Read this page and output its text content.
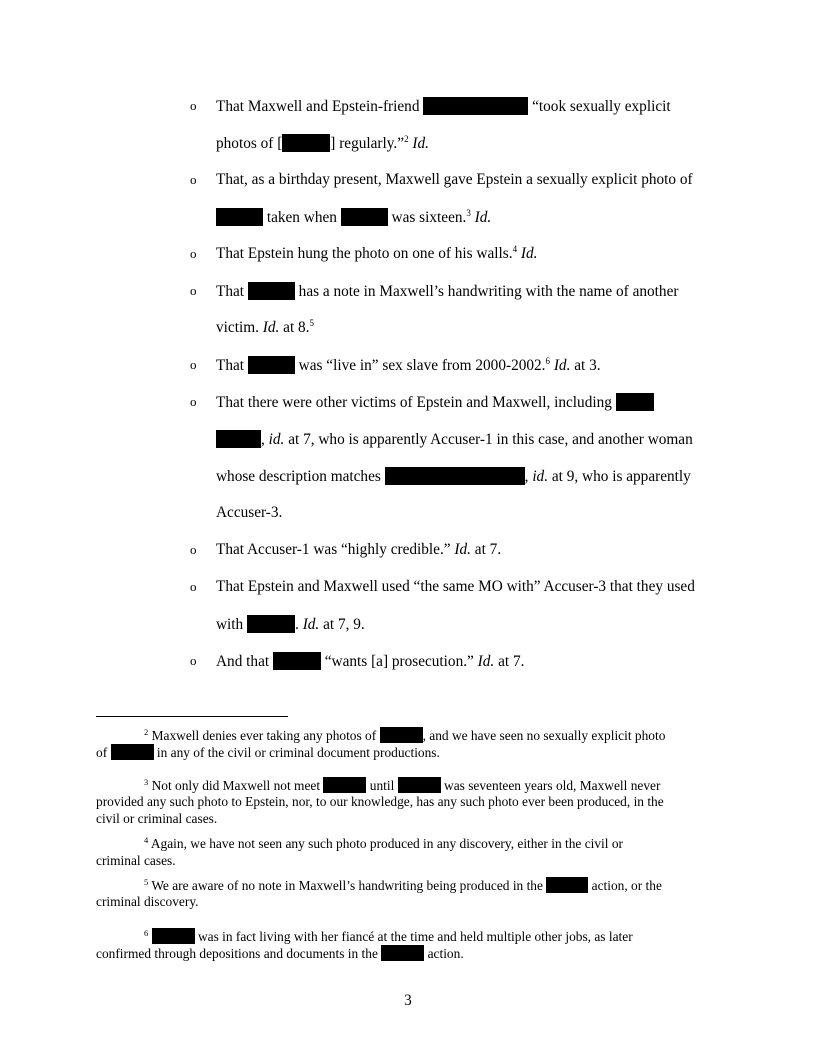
o That Maxwell and Epstein-friend	“took sexually explicit
photos of [	] regularly.”$^2$ Id.
o That, as a birthday present, Maxwell gave Epstein a sexually explicit photo of
taken when	was sixteen.$^3$ Id.
o That Epstein hung the photo on one of his walls.$^4$ Id.
o That	has a note in Maxwell’s handwriting with the name of another
victim. Id. at 8.$^5$
o That	was “live in” sex slave from 2000-2002.$^6$ Id. at 3.
o That there were other victims of Epstein and Maxwell, including
, id. at 7, who is apparently Accuser-1 in this case, and another woman
whose description matches	, id. at 9, who is apparently
Accuser-3.
o That Accuser-1 was “highly credible.” Id. at 7.
o That Epstein and Maxwell used “the same MO with” Accuser-3 that they used
with	. Id. at 7, 9.
o And that	“wants [a] prosecution.” Id. at 7.
$^2$ Maxwell denies ever taking any photos of	, and we have seen no sexually explicit photo
of	in any of the civil or criminal document productions.
$^3$ Not only did Maxwell not meet	until	was seventeen years old, Maxwell never
provided any such photo to Epstein, nor, to our knowledge, has any such photo ever been produced, in the
civil or criminal cases.
$^4$ Again, we have not seen any such photo produced in any discovery, either in the civil or
criminal cases.
$^5$ We are aware of no note in Maxwell’s handwriting being produced in the	action, or the
criminal discovery.
$^6$	was in fact living with her fiancé at the time and held multiple other jobs, as later
confirmed through depositions and documents in the	action.
3
